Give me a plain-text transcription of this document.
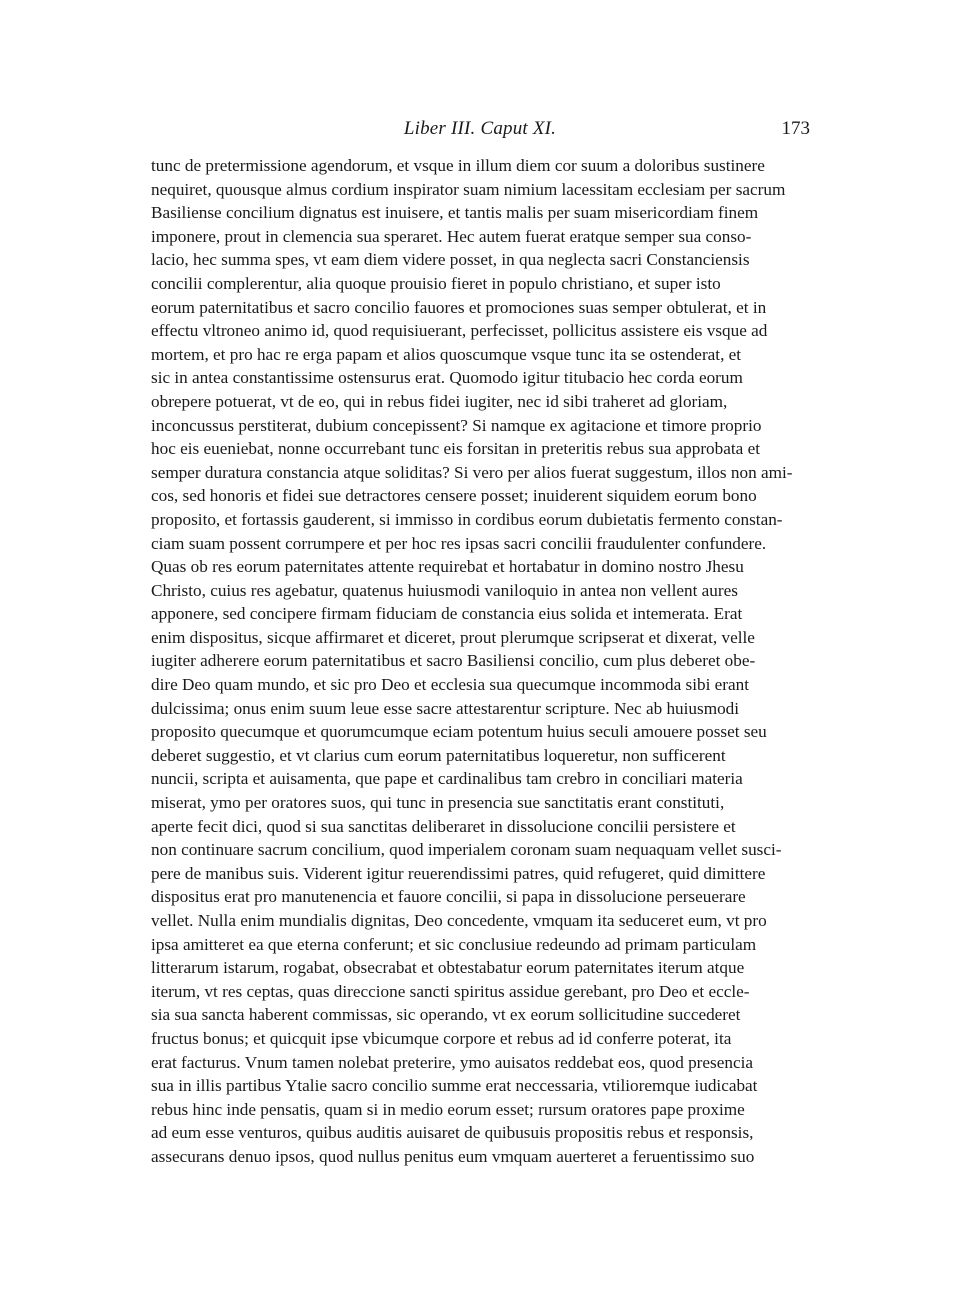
Liber III. Caput XI.	173
tunc de pretermissione agendorum, et vsque in illum diem cor suum a doloribus sustinere
nequiret, quousque almus cordium inspirator suam nimium lacessitam ecclesiam per sacrum
Basiliense concilium dignatus est inuisere, et tantis malis per suam misericordiam finem
imponere, prout in clemencia sua speraret. Hec autem fuerat eratque semper sua conso-
lacio, hec summa spes, vt eam diem videre posset, in qua neglecta sacri Constanciensis
concilii complerentur, alia quoque prouisio fieret in populo christiano, et super isto
eorum paternitatibus et sacro concilio fauores et promociones suas semper obtulerat, et in
effectu vltroneo animo id, quod requisiuerant, perfecisset, pollicitus assistere eis vsque ad
mortem, et pro hac re erga papam et alios quoscumque vsque tunc ita se ostenderat, et
sic in antea constantissime ostensurus erat. Quomodo igitur titubacio hec corda eorum
obrepere potuerat, vt de eo, qui in rebus fidei iugiter, nec id sibi traheret ad gloriam,
inconcussus perstiterat, dubium concepissent? Si namque ex agitacione et timore proprio
hoc eis eueniebat, nonne occurrebant tunc eis forsitan in preteritis rebus sua approbata et
semper duratura constancia atque soliditas? Si vero per alios fuerat suggestum, illos non ami-
cos, sed honoris et fidei sue detractores censere posset; inuiderent siquidem eorum bono
proposito, et fortassis gauderent, si immisso in cordibus eorum dubietatis fermento constan-
ciam suam possent corrumpere et per hoc res ipsas sacri concilii fraudulenter confundere.
Quas ob res eorum paternitates attente requirebat et hortabatur in domino nostro Jhesu
Christo, cuius res agebatur, quatenus huiusmodi vaniloquio in antea non vellent aures
apponere, sed concipere firmam fiduciam de constancia eius solida et intemerata. Erat
enim dispositus, sicque affirmaret et diceret, prout plerumque scripserat et dixerat, velle
iugiter adherere eorum paternitatibus et sacro Basiliensi concilio, cum plus deberet obe-
dire Deo quam mundo, et sic pro Deo et ecclesia sua quecumque incommoda sibi erant
dulcissima; onus enim suum leue esse sacre attestarentur scripture. Nec ab huiusmodi
proposito quecumque et quorumcumque eciam potentum huius seculi amouere posset seu
deberet suggestio, et vt clarius cum eorum paternitatibus loqueretur, non sufficerent
nuncii, scripta et auisamenta, que pape et cardinalibus tam crebro in conciliari materia
miserat, ymo per oratores suos, qui tunc in presencia sue sanctitatis erant constituti,
aperte fecit dici, quod si sua sanctitas deliberaret in dissolucione concilii persistere et
non continuare sacrum concilium, quod imperialem coronam suam nequaquam vellet susci-
pere de manibus suis. Viderent igitur reuerendissimi patres, quid refugeret, quid dimittere
dispositus erat pro manutenencia et fauore concilii, si papa in dissolucione perseuerare
vellet. Nulla enim mundialis dignitas, Deo concedente, vmquam ita seduceret eum, vt pro
ipsa amitteret ea que eterna conferunt; et sic conclusiue redeundo ad primam particulam
litterarum istarum, rogabat, obsecrabat et obtestabatur eorum paternitates iterum atque
iterum, vt res ceptas, quas direccione sancti spiritus assidue gerebant, pro Deo et eccle-
sia sua sancta haberent commissas, sic operando, vt ex eorum sollicitudine succederet
fructus bonus; et quicquit ipse vbicumque corpore et rebus ad id conferre poterat, ita
erat facturus. Vnum tamen nolebat preterire, ymo auisatos reddebat eos, quod presencia
sua in illis partibus Ytalie sacro concilio summe erat neccessaria, vtilioremque iudicabat
rebus hinc inde pensatis, quam si in medio eorum esset; rursum oratores pape proxime
ad eum esse venturos, quibus auditis auisaret de quibusuis propositis rebus et responsis,
assecurans denuo ipsos, quod nullus penitus eum vmquam auerteret a feruentissimo suo
